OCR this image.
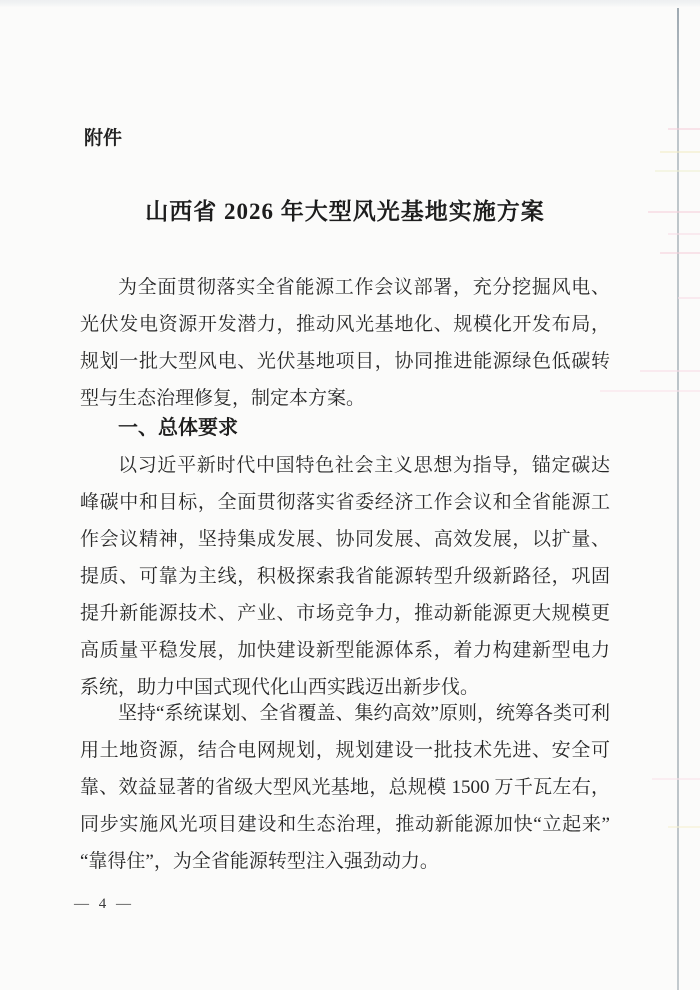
附件
山西省 2026 年大型风光基地实施方案

为全面贯彻落实全省能源工作会议部署，充分挖掘风电、光伏发电资源开发潜力，推动风光基地化、规模化开发布局，规划一批大型风电、光伏基地项目，协同推进能源绿色低碳转型与生态治理修复，制定本方案。

一、总体要求

以习近平新时代中国特色社会主义思想为指导，锚定碳达峰碳中和目标，全面贯彻落实省委经济工作会议和全省能源工作会议精神，坚持集成发展、协同发展、高效发展，以扩量、提质、可靠为主线，积极探索我省能源转型升级新路径，巩固提升新能源技术、产业、市场竞争力，推动新能源更大规模更高质量平稳发展，加快建设新型能源体系，着力构建新型电力系统，助力中国式现代化山西实践迈出新步伐。

坚持“系统谋划、全省覆盖、集约高效”原则，统筹各类可利用土地资源，结合电网规划，规划建设一批技术先进、安全可靠、效益显著的省级大型风光基地，总规模 1500 万千瓦左右，同步实施风光项目建设和生态治理，推动新能源加快“立起来”“靠得住”，为全省能源转型注入强劲动力。

— 4 —
